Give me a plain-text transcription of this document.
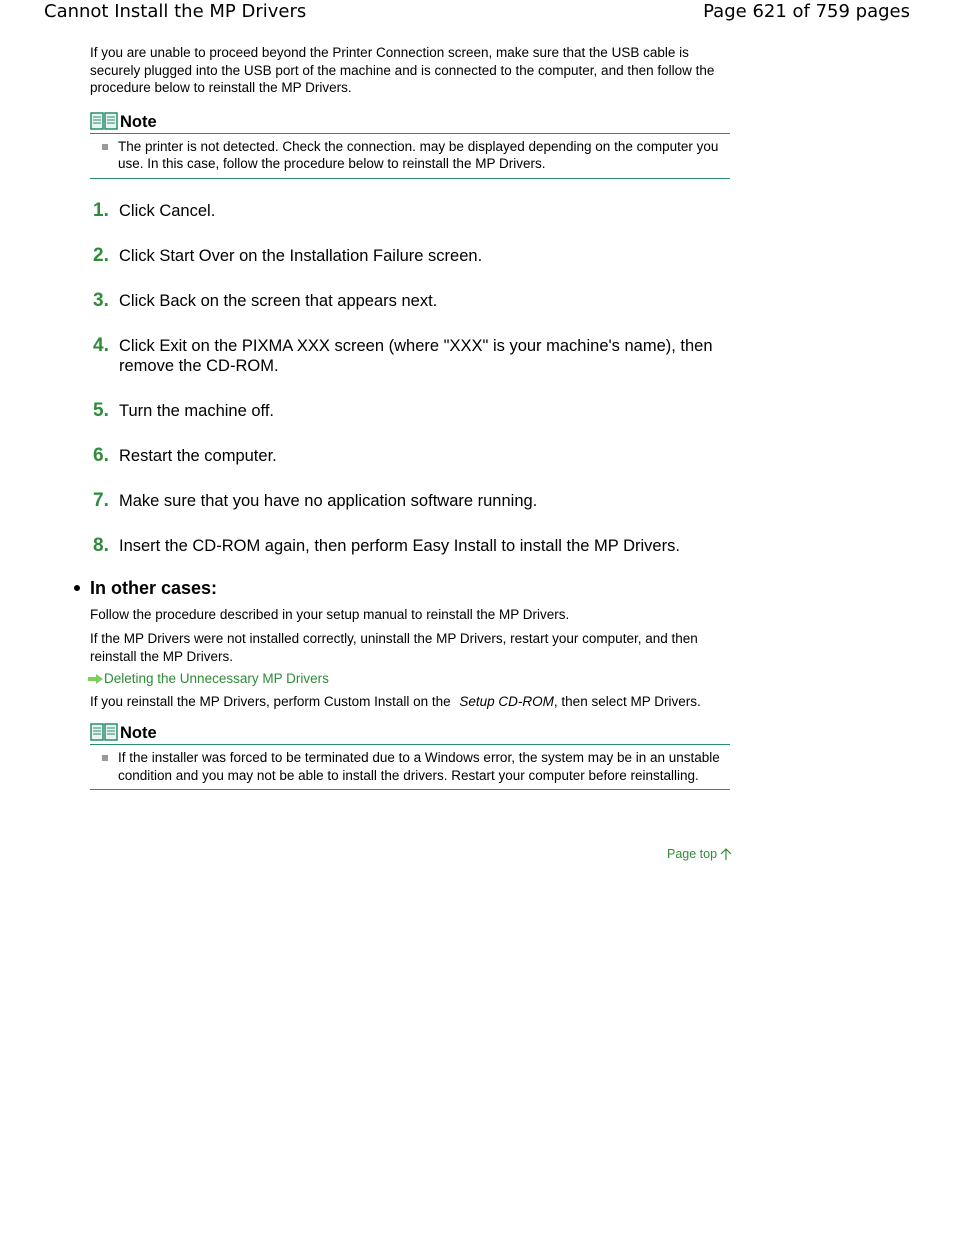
Cannot Install the MP Drivers	Page 621 of 759 pages

If you are unable to proceed beyond the Printer Connection screen, make sure that the USB cable is securely plugged into the USB port of the machine and is connected to the computer, and then follow the procedure below to reinstall the MP Drivers.

Note
The printer is not detected. Check the connection. may be displayed depending on the computer you use. In this case, follow the procedure below to reinstall the MP Drivers.
1. Click Cancel.
2. Click Start Over on the Installation Failure screen.
3. Click Back on the screen that appears next.
4. Click Exit on the PIXMA XXX screen (where "XXX" is your machine's name), then remove the CD-ROM.
5. Turn the machine off.
6. Restart the computer.
7. Make sure that you have no application software running.
8. Insert the CD-ROM again, then perform Easy Install to install the MP Drivers.
In other cases:

Follow the procedure described in your setup manual to reinstall the MP Drivers.

If the MP Drivers were not installed correctly, uninstall the MP Drivers, restart your computer, and then reinstall the MP Drivers.

Deleting the Unnecessary MP Drivers

If you reinstall the MP Drivers, perform Custom Install on the Setup CD-ROM, then select MP Drivers.

Note
If the installer was forced to be terminated due to a Windows error, the system may be in an unstable condition and you may not be able to install the drivers. Restart your computer before reinstalling.
Page top
